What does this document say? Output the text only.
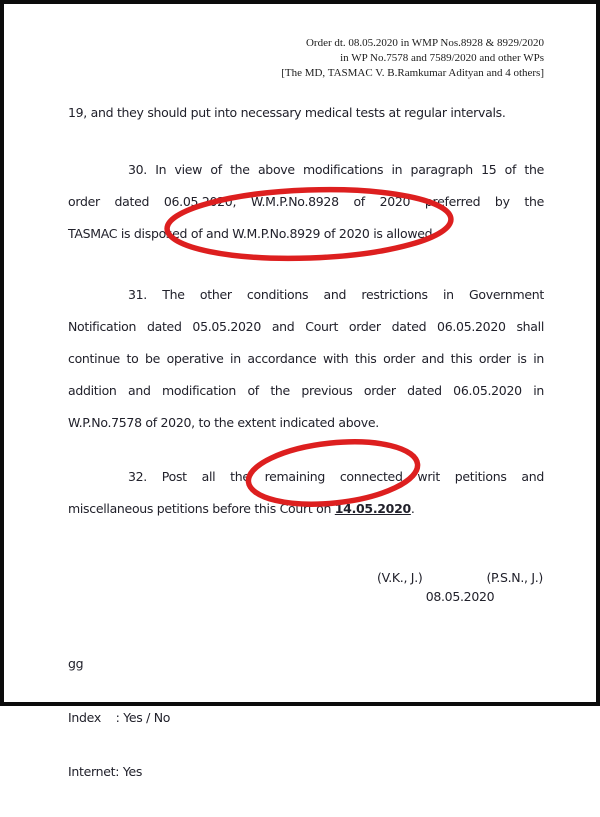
Order dt. 08.05.2020 in WMP Nos.8928 & 8929/2020
in WP No.7578 and 7589/2020 and other WPs
[The MD, TASMAC V. B.Ramkumar Adityan and 4 others]
19, and they should put into necessary medical tests at regular intervals.
30. In view of the above modifications in paragraph 15 of the
order dated 06.05.2020, W.M.P.No.8928 of 2020 preferred by the
TASMAC is disposed of and W.M.P.No.8929 of 2020 is allowed.
31. The other conditions and restrictions in Government
Notification dated 05.05.2020 and Court order dated 06.05.2020 shall
continue to be operative in accordance with this order and this order is in
addition and modification of the previous order dated 06.05.2020 in
W.P.No.7578 of 2020, to the extent indicated above.
32. Post all the remaining connected writ petitions and
miscellaneous petitions before this Court on 14.05.2020.
(V.K., J.)	(P.S.N., J.)
08.05.2020

gg

Index    : Yes / No

Internet: Yes
